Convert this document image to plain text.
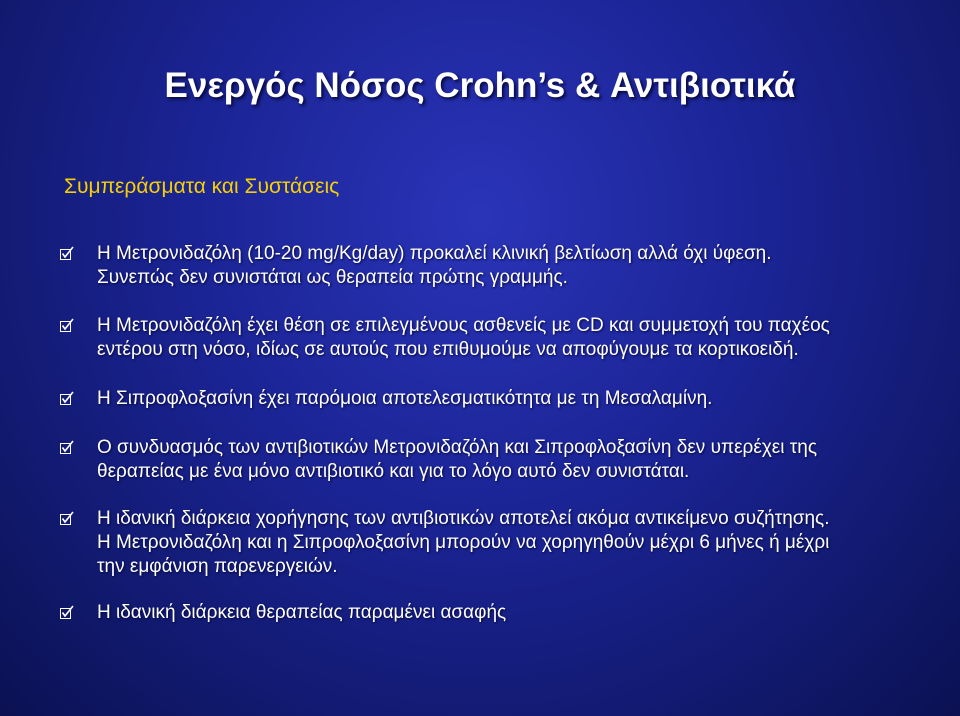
Ενεργός Νόσος Crohn’s & Αντιβιοτικά
Συμπεράσματα και Συστάσεις
Η Μετρονιδαζόλη (10-20 mg/Kg/day) προκαλεί κλινική βελτίωση αλλά όχι ύφεση.
Συνεπώς δεν συνιστάται ως θεραπεία πρώτης γραμμής.
Η Μετρονιδαζόλη έχει θέση σε επιλεγμένους ασθενείς με CD και συμμετοχή του παχέος
εντέρου στη νόσο, ιδίως σε αυτούς που επιθυμούμε να αποφύγουμε τα κορτικοειδή.
Η Σιπροφλοξασίνη έχει παρόμοια αποτελεσματικότητα με τη Μεσαλαμίνη.
Ο συνδυασμός των αντιβιοτικών Μετρονιδαζόλη και Σιπροφλοξασίνη δεν υπερέχει της
θεραπείας με ένα μόνο αντιβιοτικό και για το λόγο αυτό δεν συνιστάται.
Η ιδανική διάρκεια χορήγησης των αντιβιοτικών αποτελεί ακόμα αντικείμενο συζήτησης.
Η Μετρονιδαζόλη και η Σιπροφλοξασίνη μπορούν να χορηγηθούν μέχρι 6 μήνες ή μέχρι
την εμφάνιση παρενεργειών.
Η ιδανική διάρκεια θεραπείας παραμένει ασαφής
